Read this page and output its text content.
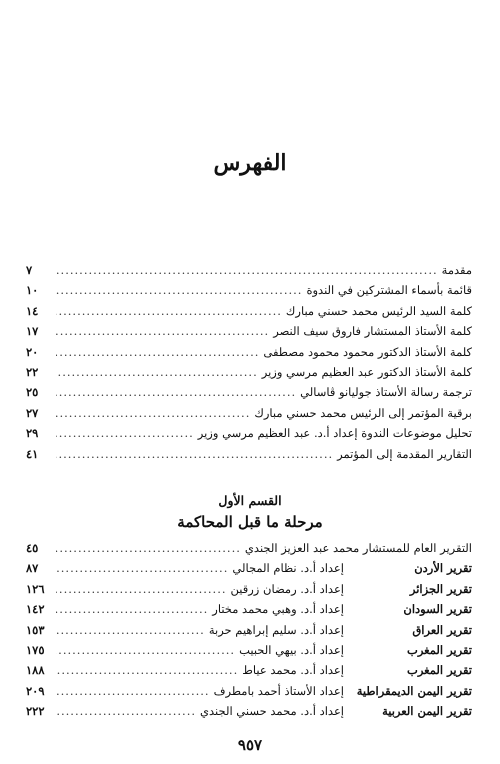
الفهرس
مقدمة
.....
٧
قائمة بأسماء المشتركين في الندوة
.....
١٠
كلمة السيد الرئيس محمد حسني مبارك
.....
١٤
كلمة الأستاذ المستشار فاروق سيف النصر
.....
١٧
كلمة الأستاذ الدكتور محمود محمود مصطفى
.....
٢٠
كلمة الأستاذ الدكتور عبد العظيم مرسي وزير
.....
٢٢
ترجمة رسالة الأستاذ جوليانو ڤاسالي
.....
٢٥
برقية المؤتمر إلى الرئيس محمد حسني مبارك
.....
٢٧
تحليل موضوعات الندوة إعداد أ.د. عبد العظيم مرسي وزير
.....
٢٩
التقارير المقدمة إلى المؤتمر
.....
٤١
القسم الأول
مرحلة ما قبل المحاكمة
التقرير العام للمستشار محمد عبد العزيز الجندي
.....
٤٥
تقرير الأردن
إعداد أ.د. نظام المجالي
.....
٨٧
تقرير الجزائر
إعداد أ.د. رمضان زرقين
.....
١٢٦
تقرير السودان
إعداد أ.د. وهبي محمد مختار
.....
١٤٢
تقرير العراق
إعداد أ.د. سليم إبراهيم حربة
.....
١٥٣
تقرير المغرب
إعداد أ.د. بيهي الحبيب
.....
١٧٥
تقرير المغرب
إعداد أ.د. محمد عياط
.....
١٨٨
تقرير اليمن الديمقراطية
إعداد الأستاذ أحمد بامطرف
.....
٢٠٩
تقرير اليمن العربية
إعداد أ.د. محمد حسني الجندي
.....
٢٢٢
٩٥٧
